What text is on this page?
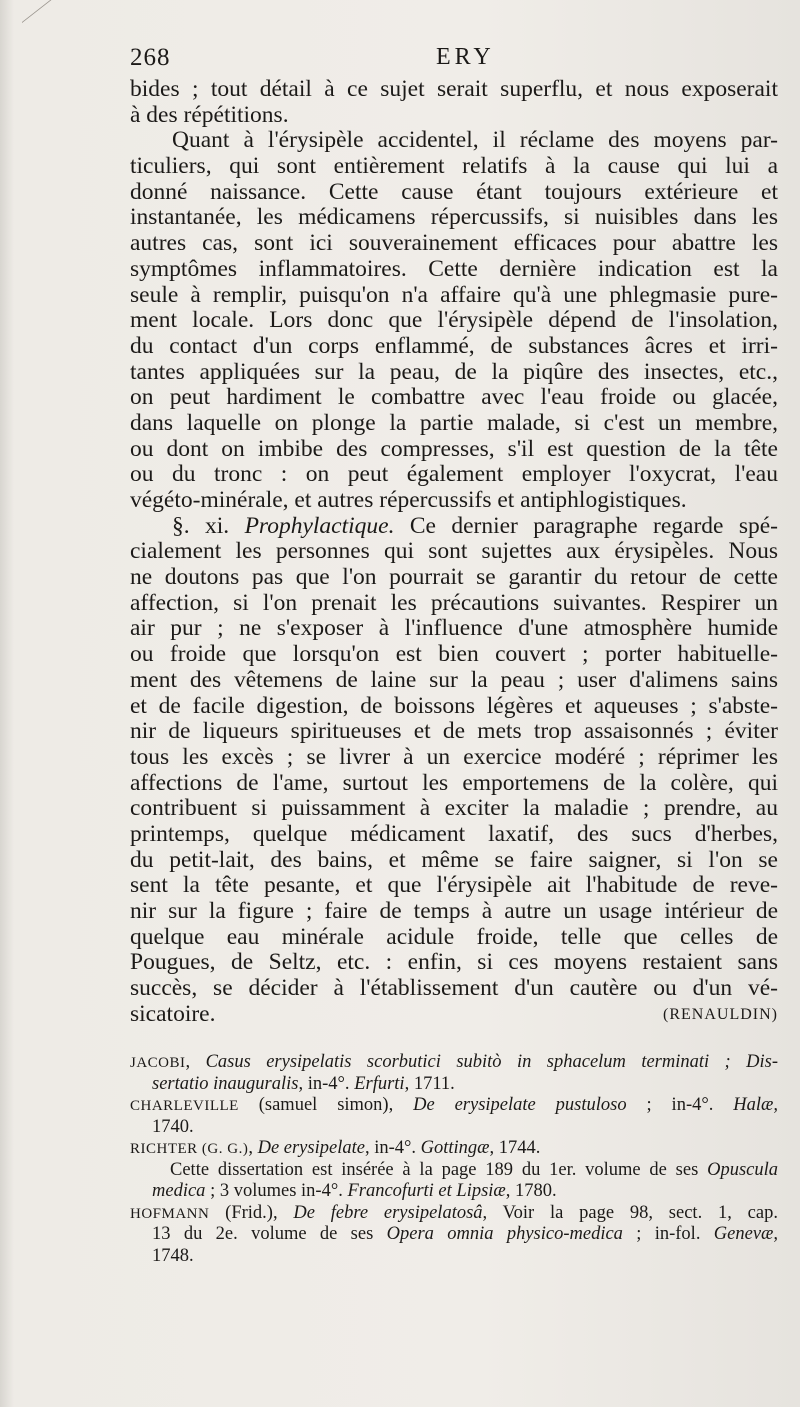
268	ERY
bides ; tout détail à ce sujet serait superflu, et nous exposerait
à des répétitions.
Quant à l'érysipèle accidentel, il réclame des moyens par-
ticuliers, qui sont entièrement relatifs à la cause qui lui a
donné naissance. Cette cause étant toujours extérieure et
instantanée, les médicamens répercussifs, si nuisibles dans les
autres cas, sont ici souverainement efficaces pour abattre les
symptômes inflammatoires. Cette dernière indication est la
seule à remplir, puisqu'on n'a affaire qu'à une phlegmasie pure-
ment locale. Lors donc que l'érysipèle dépend de l'insolation,
du contact d'un corps enflammé, de substances âcres et irri-
tantes appliquées sur la peau, de la piqûre des insectes, etc.,
on peut hardiment le combattre avec l'eau froide ou glacée,
dans laquelle on plonge la partie malade, si c'est un membre,
ou dont on imbibe des compresses, s'il est question de la tête
ou du tronc : on peut également employer l'oxycrat, l'eau
végéto-minérale, et autres répercussifs et antiphlogistiques.
§. xi. Prophylactique. Ce dernier paragraphe regarde spé-
cialement les personnes qui sont sujettes aux érysipèles. Nous
ne doutons pas que l'on pourrait se garantir du retour de cette
affection, si l'on prenait les précautions suivantes. Respirer un
air pur ; ne s'exposer à l'influence d'une atmosphère humide
ou froide que lorsqu'on est bien couvert ; porter habituelle-
ment des vêtemens de laine sur la peau ; user d'alimens sains
et de facile digestion, de boissons légères et aqueuses ; s'abste-
nir de liqueurs spiritueuses et de mets trop assaisonnés ; éviter
tous les excès ; se livrer à un exercice modéré ; réprimer les
affections de l'ame, surtout les emportemens de la colère, qui
contribuent si puissamment à exciter la maladie ; prendre, au
printemps, quelque médicament laxatif, des sucs d'herbes,
du petit-lait, des bains, et même se faire saigner, si l'on se
sent la tête pesante, et que l'érysipèle ait l'habitude de reve-
nir sur la figure ; faire de temps à autre un usage intérieur de
quelque eau minérale acidule froide, telle que celles de
Pougues, de Seltz, etc. : enfin, si ces moyens restaient sans
succès, se décider à l'établissement d'un cautère ou d'un vé-
sicatoire.	(RENAULDIN)
JACOBI, Casus erysipelatis scorbutici subitò in sphacelum terminati ; Dis-
sertatio inauguralis, in-4°. Erfurti, 1711.
CHARLEVILLE (samuel simon), De erysipelate pustuloso ; in-4°. Halæ,
1740.
RICHTER (G. G.), De erysipelate, in-4°. Gottingæ, 1744.
Cette dissertation est insérée à la page 189 du 1er. volume de ses Opuscula
medica ; 3 volumes in-4°. Francofurti et Lipsiæ, 1780.
HOFMANN (Frid.), De febre erysipelatosâ, Voir la page 98, sect. 1, cap.
13 du 2e. volume de ses Opera omnia physico-medica ; in-fol. Genevæ,
1748.
